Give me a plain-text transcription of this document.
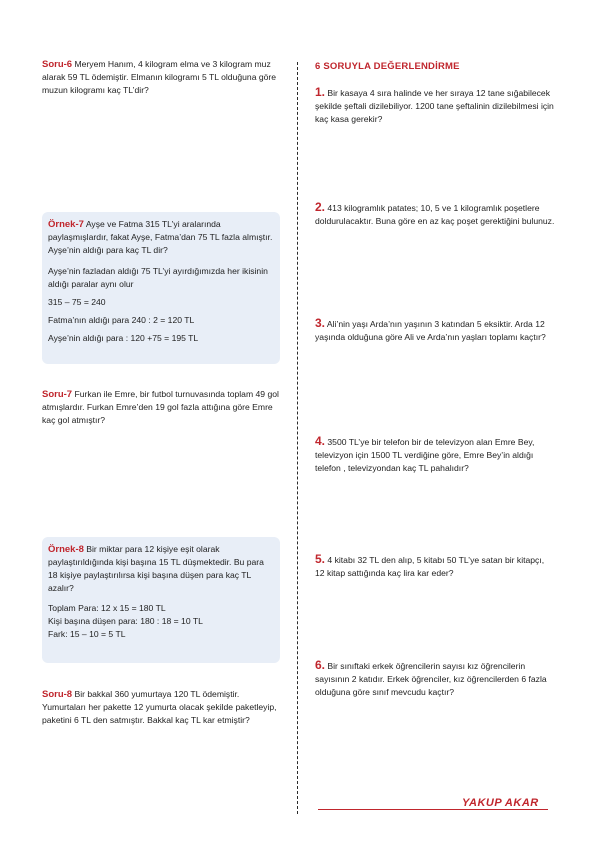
Soru-6 Meryem Hanım, 4 kilogram elma ve 3 kilogram muz alarak 59 TL ödemiştir. Elmanın kilogramı 5 TL olduğuna göre muzun kilogramı kaç TL’dir?

Örnek-7 Ayşe ve Fatma 315 TL’yi aralarında paylaşmışlardır, fakat Ayşe, Fatma’dan 75 TL fazla almıştır. Ayşe’nin aldığı para kaç TL dir?

Ayşe’nin fazladan aldığı 75 TL’yi ayırdığımızda her ikisinin aldığı paralar aynı olur

315 – 75 = 240

Fatma’nın aldığı para 240 : 2 = 120 TL

Ayşe’nin aldığı para : 120 +75 = 195 TL

Soru-7 Furkan ile Emre, bir futbol turnuvasında toplam 49 gol atmışlardır. Furkan Emre’den 19 gol fazla attığına göre Emre kaç gol atmıştır?

Örnek-8 Bir miktar para 12 kişiye eşit olarak paylaştırıldığında kişi başına 15 TL düşmektedir. Bu para 18 kişiye paylaştırılırsa kişi başına düşen para kaç TL azalır?

Toplam Para: 12 x 15 = 180 TL

Kişi başına düşen para: 180 : 18 = 10 TL

Fark: 15 – 10 = 5 TL

Soru-8 Bir bakkal 360 yumurtaya 120 TL ödemiştir. Yumurtaları her pakette 12 yumurta olacak şekilde paketleyip, paketini 6 TL den satmıştır. Bakkal kaç TL kar etmiştir?

6 SORUYLA DEĞERLENDİRME

1. Bir kasaya 4 sıra halinde ve her sıraya 12 tane sığabilecek şekilde şeftali dizilebiliyor. 1200 tane şeftalinin dizilebilmesi için kaç kasa gerekir?

2. 413 kilogramlık patates; 10, 5 ve 1 kilogramlık poşetlere doldurulacaktır. Buna göre en az kaç poşet gerektiğini bulunuz.

3. Ali’nin yaşı Arda’nın yaşının 3 katından 5 eksiktir. Arda 12 yaşında olduğuna göre Ali ve Arda’nın yaşları toplamı kaçtır?

4. 3500 TL’ye bir telefon bir de televizyon alan Emre Bey, televizyon için 1500 TL verdiğine göre, Emre Bey’in aldığı telefon , televizyondan kaç TL pahalıdır?

5. 4 kitabı 32 TL den alıp, 5 kitabı 50 TL’ye satan bir kitapçı, 12 kitap sattığında kaç lira kar eder?

6. Bir sınıftaki erkek öğrencilerin sayısı kız öğrencilerin sayısının 2 katıdır. Erkek öğrenciler, kız öğrencilerden 6 fazla olduğuna göre sınıf mevcudu kaçtır?

YAKUP AKAR
